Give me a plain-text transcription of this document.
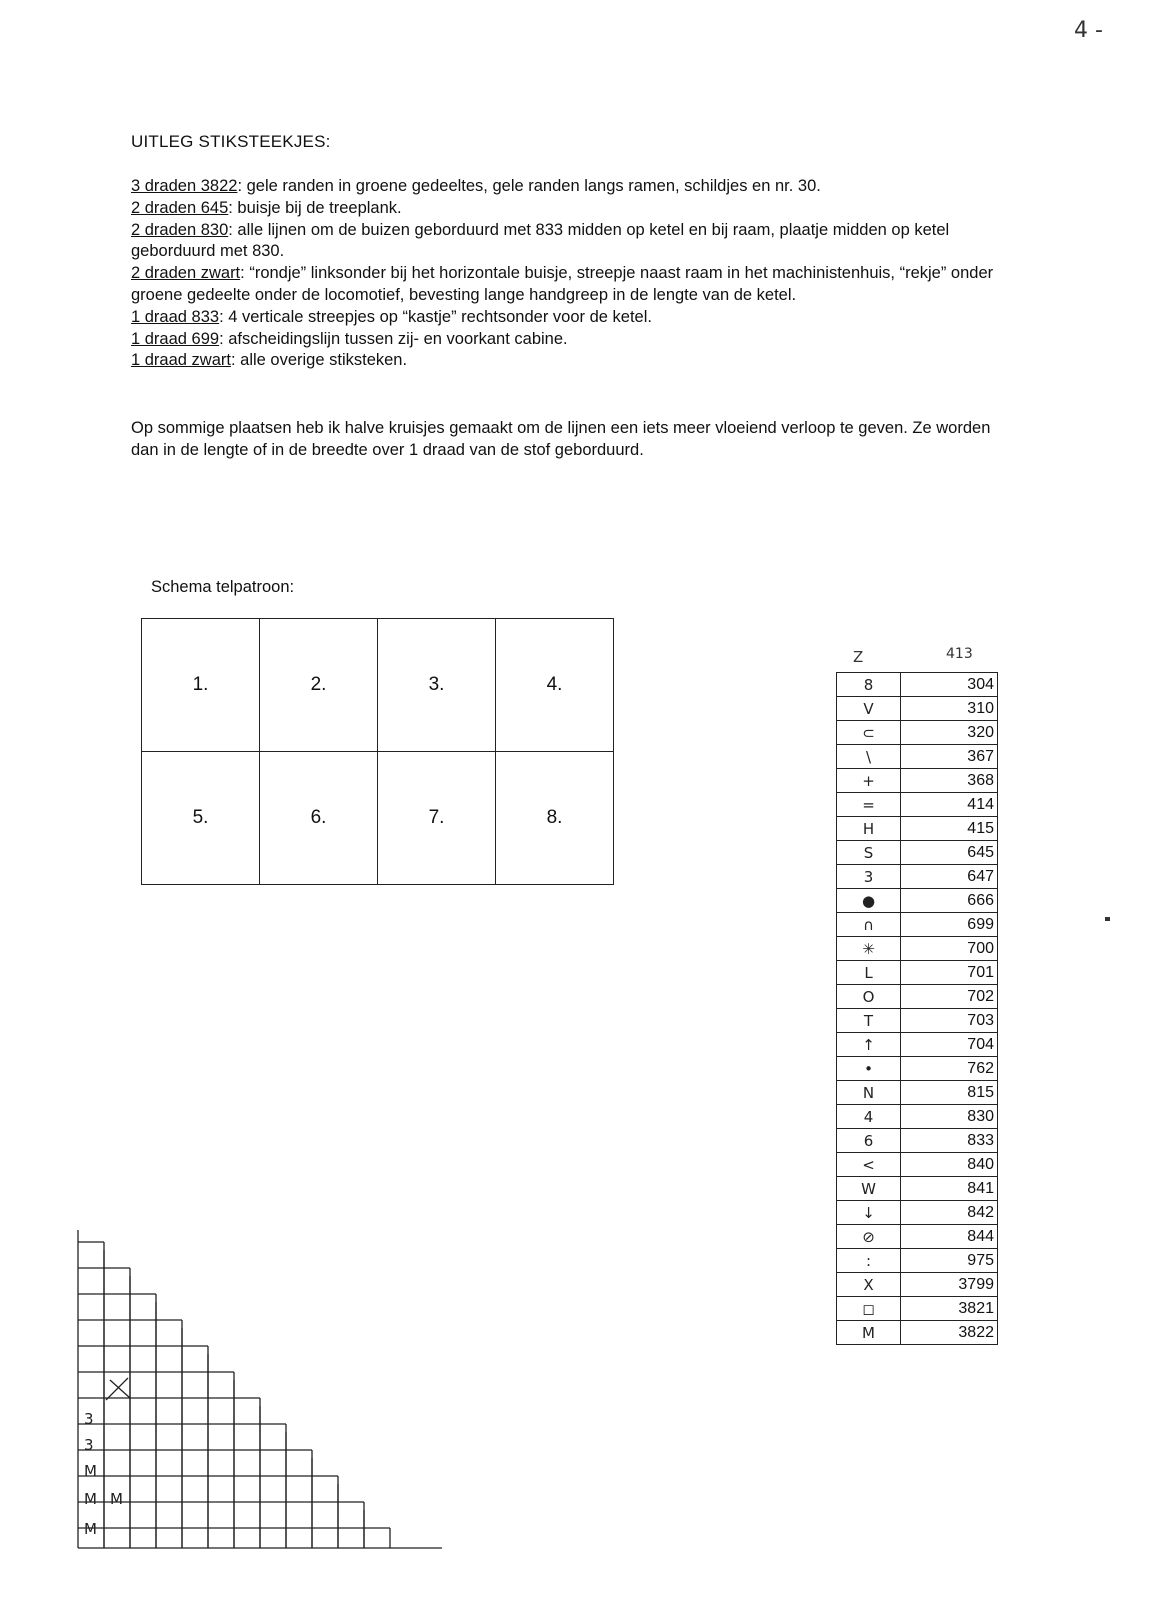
4 -
UITLEG STIKSTEEKJES:

3 draden 3822: gele randen in groene gedeeltes, gele randen langs ramen, schildjes en nr. 30.

2 draden 645: buisje bij de treeplank.

2 draden 830: alle lijnen om de buizen geborduurd met 833 midden op ketel en bij raam, plaatje midden op ketel geborduurd met 830.

2 draden zwart: “rondje” linksonder bij het horizontale buisje, streepje naast raam in het machinistenhuis, “rekje” onder groene gedeelte onder de locomotief, bevesting lange handgreep in de lengte van de ketel.

1 draad 833: 4 verticale streepjes op “kastje” rechtsonder voor de ketel.

1 draad 699: afscheidingslijn tussen zij- en voorkant cabine.

1 draad zwart: alle overige stiksteken.

Op sommige plaatsen heb ik halve kruisjes gemaakt om de lijnen een iets meer vloeiend verloop te geven. Ze worden dan in de lengte of in de breedte over 1 draad van de stof geborduurd.
Schema telpatroon:
1.	2.	3.	4.
5.	6.	7.	8.
Z	413
8	304
V	310
⊂	320
\	367
+	368
=	414
H	415
S	645
3	647
●	666
∩	699
✳	700
L	701
O	702
T	703
↑	704
•	762
N	815
4	830
6	833
<	840
W	841
↓	842
⊘	844
:	975
X	3799
◻	3821
M	3822
3
3
M
M M
M
